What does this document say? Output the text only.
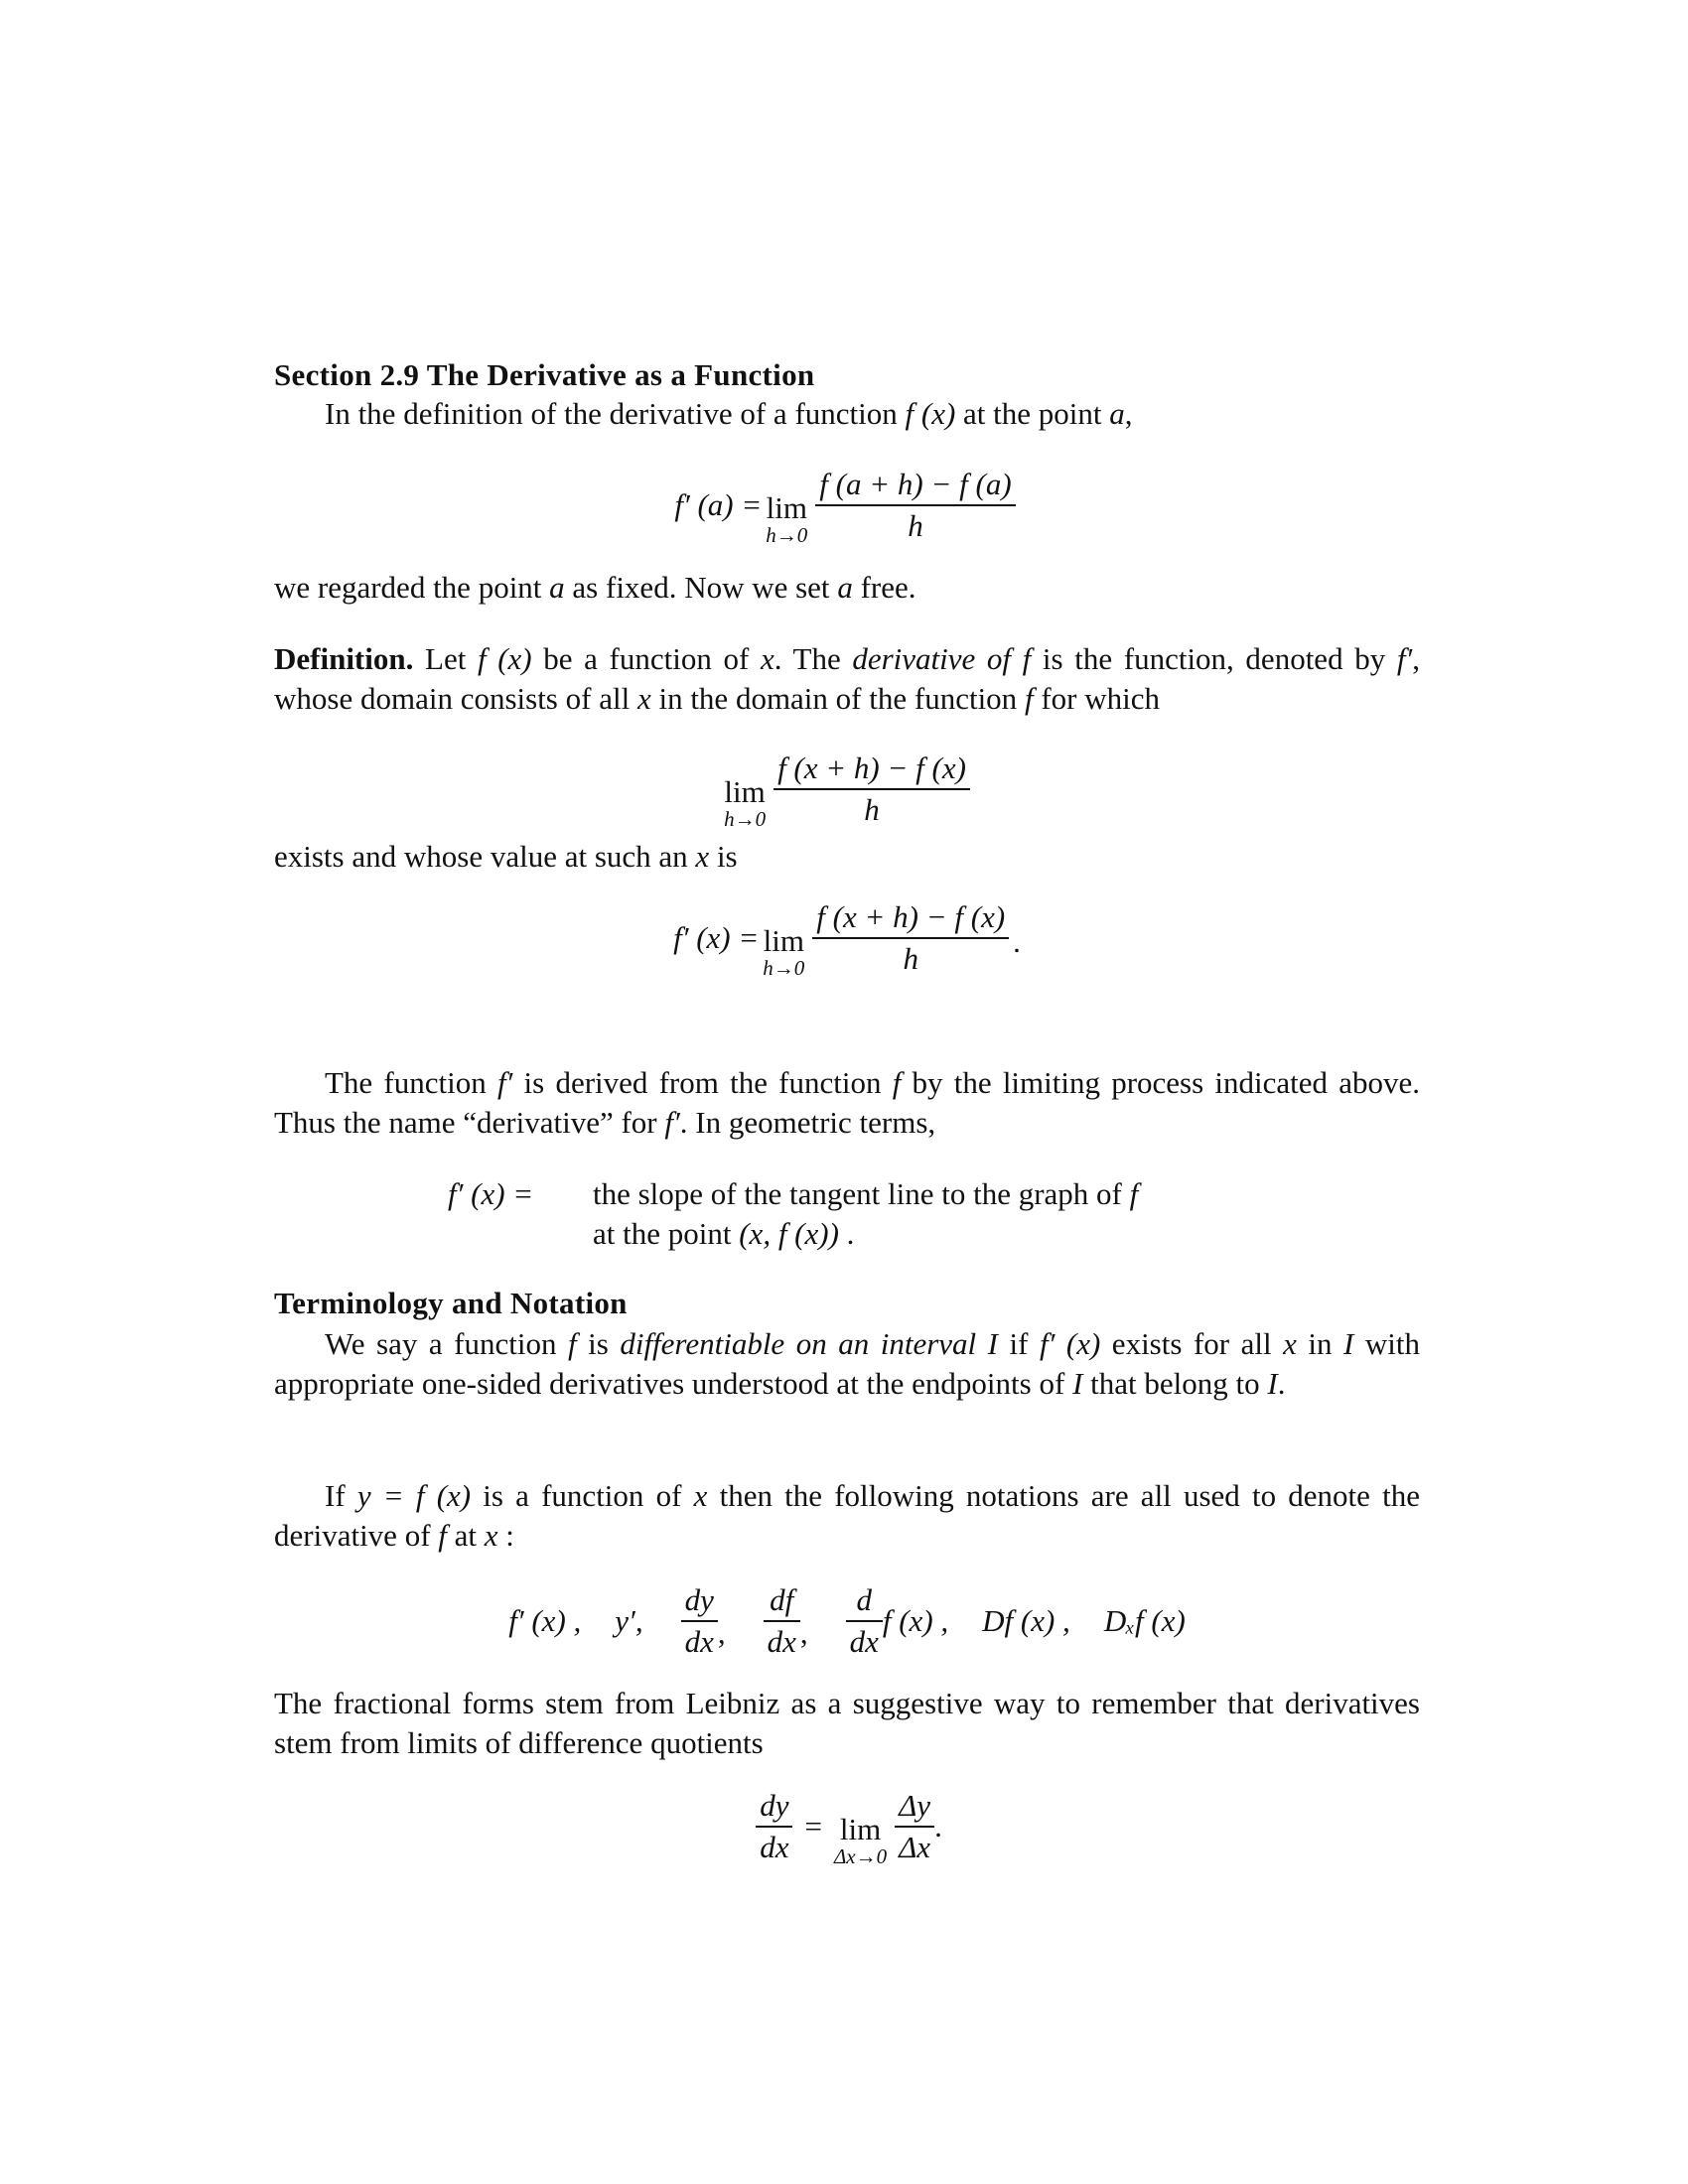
Section 2.9 The Derivative as a Function
In the definition of the derivative of a function f (x) at the point a,
f′ (a) = lim
$h\to 0 \frac{f (a + h) - f (a)}{h}$
we regarded the point a as fixed. Now we set a free.
Definition. Let f (x) be a function of x. The derivative of f is the function, denoted by f′, whose domain consists of all x in the domain of the function f for which
lim
$h\to 0 \frac{f (x + h) - f (x)}{h}$
exists and whose value at such an x is
f′ (x) = lim
$h\to 0 \frac{f (x + h) - f (x)}{h}$ .
The function f′ is derived from the function f by the limiting process indicated above. Thus the name “derivative” for f′. In geometric terms,
f′ (x) = the slope of the tangent line to the graph of f
at the point (x, f (x)) .
Terminology and Notation
We say a function f is differentiable on an interval I if f′ (x) exists for all x in I with appropriate one-sided derivatives understood at the endpoints of I that belong to I.
If y = f (x) is a function of x then the following notations are all used to denote the derivative of f at x :
f′ (x) , y′, $\frac{dy}{dx}$ , $\frac{df}{dx}$ , $\frac{d}{dx}$ f (x) , Df (x) , Dₓf (x)
The fractional forms stem from Leibniz as a suggestive way to remember that derivatives stem from limits of difference quotients
$\frac{dy}{dx} = \lim$
$\Delta x\to 0 \frac{\Delta y}{\Delta x}$ .
